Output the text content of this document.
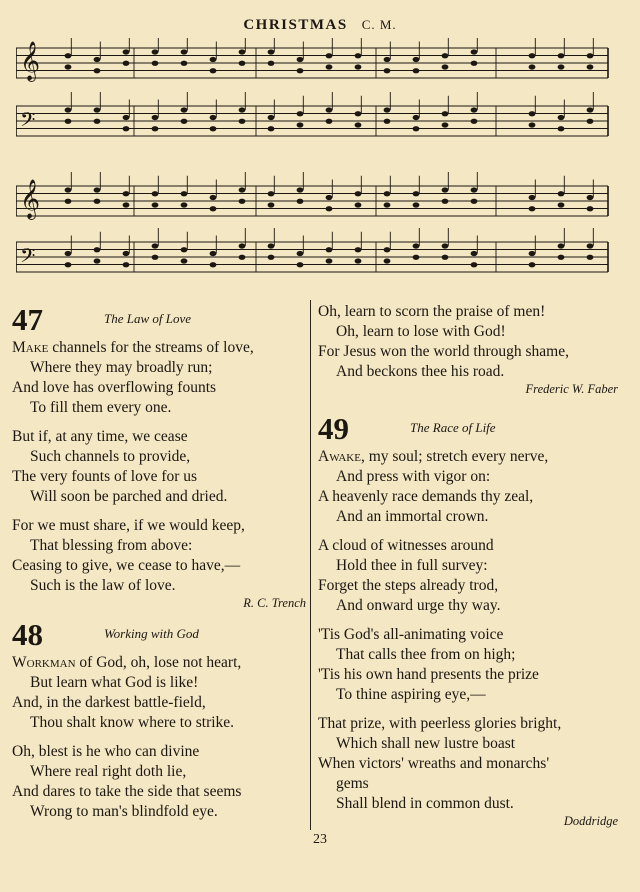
CHRISTMAS C. M.
𝄞
𝄢
𝄞
𝄢
47	The Law of Love
Make channels for the streams of love,
Where they may broadly run;
And love has overflowing founts
To fill them every one.
But if, at any time, we cease
Such channels to provide,
The very founts of love for us
Will soon be parched and dried.
For we must share, if we would keep,
That blessing from above:
Ceasing to give, we cease to have,—
Such is the law of love.
R. C. Trench
48	Working with God
Workman of God, oh, lose not heart,
But learn what God is like!
And, in the darkest battle-field,
Thou shalt know where to strike.
Oh, blest is he who can divine
Where real right doth lie,
And dares to take the side that seems
Wrong to man's blindfold eye.
Oh, learn to scorn the praise of men!
Oh, learn to lose with God!
For Jesus won the world through shame,
And beckons thee his road.
Frederic W. Faber
49	The Race of Life
Awake, my soul; stretch every nerve,
And press with vigor on:
A heavenly race demands thy zeal,
And an immortal crown.
A cloud of witnesses around
Hold thee in full survey:
Forget the steps already trod,
And onward urge thy way.
'Tis God's all-animating voice
That calls thee from on high;
'Tis his own hand presents the prize
To thine aspiring eye,—
That prize, with peerless glories bright,
Which shall new lustre boast
When victors' wreaths and monarchs'
gems
Shall blend in common dust.
Doddridge
23
